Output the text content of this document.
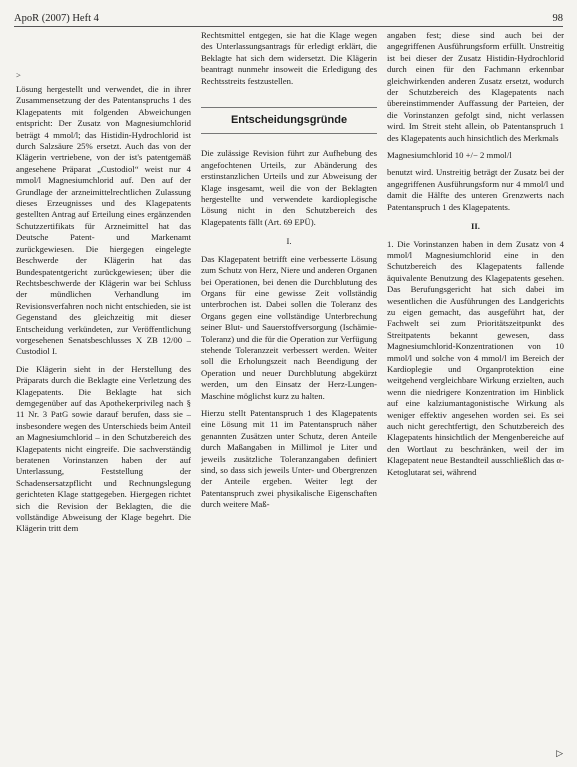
ApoR (2007) Heft 4	98
>

Lösung hergestellt und verwendet, die in ihrer Zusammensetzung der des Patentanspruchs 1 des Klagepatents mit folgenden Abweichungen entspricht: Der Zusatz von Magnesiumchlorid beträgt 4 mmol/l; das Histidin-Hydrochlorid ist durch Salzsäure 25% ersetzt. Auch das von der Klägerin vertriebene, von der ist's patentgemäß angesehene Präparat „Custodiol“ weist nur 4 mmol/l Magnesiumchlorid auf. Den auf der Grundlage der arzneimittelrechtlichen Zulassung dieses Erzeugnisses und des Klagepatents gestellten Antrag auf Erteilung eines ergänzenden Schutzzertifikats für Arzneimittel hat das Deutsche Patent- und Markenamt zurückgewiesen. Die hiergegen eingelegte Beschwerde der Klägerin hat das Bundespatentgericht zurückgewiesen; über die Rechtsbeschwerde der Klägerin war bei Schluss der mündlichen Verhandlung im Revisionsverfahren noch nicht entschieden, sie ist Gegenstand des gleichzeitig mit dieser Entscheidung verkündeten, zur Veröffentlichung vorgesehenen Senatsbeschlusses X ZB 12/00 – Custodiol I.

Die Klägerin sieht in der Herstellung des Präparats durch die Beklagte eine Verletzung des Klagepatents. Die Beklagte hat sich demgegenüber auf das Apothekerprivileg nach § 11 Nr. 3 PatG sowie darauf berufen, dass sie – insbesondere wegen des Unterschieds beim Anteil an Magnesiumchlorid – in den Schutzbereich des Klagepatents nicht eingreife. Die sachverständig beratenen Vorinstanzen haben der auf Unterlassung, Feststellung der Schadensersatzpflicht und Rechnungslegung gerichteten Klage stattgegeben. Hiergegen richtet sich die Revision der Beklagten, die die vollständige Abweisung der Klage begehrt. Die Klägerin tritt dem

Rechtsmittel entgegen, sie hat die Klage wegen des Unterlassungsantrags für erledigt erklärt, die Beklagte hat sich dem widersetzt. Die Klägerin beantragt nunmehr insoweit die Erledigung des Rechtsstreits festzustellen.

Entscheidungsgründe

Die zulässige Revision führt zur Aufhebung des angefochtenen Urteils, zur Abänderung des erstinstanzlichen Urteils und zur Abweisung der Klage insgesamt, weil die von der Beklagten hergestellte und verwendete kardioplegische Lösung nicht in den Schutzbereich des Klagepatents fällt (Art. 69 EPÜ).

I.

Das Klagepatent betrifft eine verbesserte Lösung zum Schutz von Herz, Niere und anderen Organen bei Operationen, bei denen die Durchblutung des Organs für eine gewisse Zeit vollständig unterbrochen ist. Dabei sollen die Toleranz des Organs gegen eine vollständige Unterbrechung seiner Blut- und Sauerstoffversorgung (Ischämie-Toleranz) und die für die Operation zur Verfügung stehende Toleranzzeit verbessert werden. Weiter soll die Erholungszeit nach Beendigung der Operation und neuer Durchblutung abgekürzt werden, um den Einsatz der Herz-Lungen-Maschine möglichst kurz zu halten.

Hierzu stellt Patentanspruch 1 des Klagepatents eine Lösung mit 11 im Patentanspruch näher genannten Zusätzen unter Schutz, deren Anteile durch Maßangaben in Millimol je Liter und jeweils zusätzliche Toleranzangaben definiert sind, so dass sich jeweils Unter- und Obergrenzen der Anteile ergeben. Weiter legt der Patentanspruch zwei physikalische Eigenschaften durch weitere Maß-

angaben fest; diese sind auch bei der angegriffenen Ausführungsform erfüllt. Unstreitig ist bei dieser der Zusatz Histidin-Hydrochlorid durch einen für den Fachmann erkennbar gleichwirkenden anderen Zusatz ersetzt, wodurch der Schutzbereich des Klagepatents nach übereinstimmender Auffassung der Parteien, der die Vorinstanzen gefolgt sind, nicht verlassen wird. Im Streit steht allein, ob Patentanspruch 1 des Klagepatents auch hinsichtlich des Merkmals

Magnesiumchlorid 10 +/− 2 mmol/l

benutzt wird. Unstreitig beträgt der Zusatz bei der angegriffenen Ausführungsform nur 4 mmol/l und damit die Hälfte des unteren Grenzwerts nach Patentanspruch 1 des Klagepatents.

II.

1. Die Vorinstanzen haben in dem Zusatz von 4 mmol/l Magnesiumchlorid eine in den Schutzbereich des Klagepatents fallende äquivalente Benutzung des Klagepatents gesehen. Das Berufungsgericht hat sich dabei im wesentlichen die Ausführungen des Landgerichts zu eigen gemacht, das ausgeführt hat, der Fachwelt sei zum Prioritätszeitpunkt des Streitpatents bekannt gewesen, dass Magnesiumchlorid-Konzentrationen von 10 mmol/l und solche von 4 mmol/l im Bereich der Kardioplegie und Organprotektion eine weitgehend vergleichbare Wirkung erzielten, auch wenn die niedrigere Konzentration im Hinblick auf eine kalziumantagonistische Wirkung als weniger effektiv angesehen worden sei. Es sei auch nicht gerechtfertigt, den Schutzbereich des Klagepatents hinsichtlich der Mengenbereiche auf den Wortlaut zu beschränken, weil der im Klagepatent neue Bestandteil ausschließlich das α-Ketoglutarat sei, während

▷
